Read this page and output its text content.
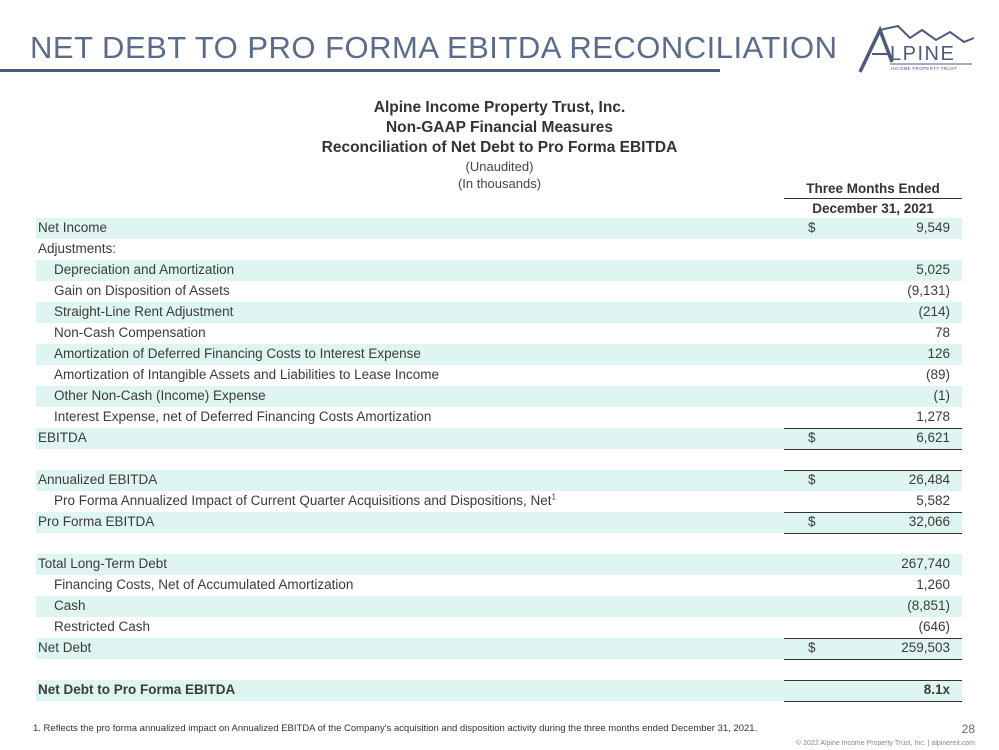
NET DEBT TO PRO FORMA EBITDA RECONCILIATION	LPINE
INCOME PROPERTY TRUST
Alpine Income Property Trust, Inc.
Non-GAAP Financial Measures
Reconciliation of Net Debt to Pro Forma EBITDA
(Unaudited)
(In thousands)	Three Months Ended
December 31, 2021
Net Income	$	9,549
Adjustments:
Depreciation and Amortization	5,025
Gain on Disposition of Assets	(9,131)
Straight-Line Rent Adjustment	(214)
Non-Cash Compensation	78
Amortization of Deferred Financing Costs to Interest Expense	126
Amortization of Intangible Assets and Liabilities to Lease Income	(89)
Other Non-Cash (Income) Expense	(1)
Interest Expense, net of Deferred Financing Costs Amortization	1,278
EBITDA	$	6,621
Annualized EBITDA	$	26,484
Pro Forma Annualized Impact of Current Quarter Acquisitions and Dispositions, Net$^1$	5,582
Pro Forma EBITDA	$	32,066
Total Long-Term Debt	267,740
Financing Costs, Net of Accumulated Amortization	1,260
Cash	(8,851)
Restricted Cash	(646)
Net Debt	$	259,503
Net Debt to Pro Forma EBITDA	8.1x
1. Reflects the pro forma annualized impact on Annualized EBITDA of the Company's acquisition and disposition activity during the three months ended December 31, 2021.	28
© 2022 Alpine Income Property Trust, Inc. | alpinereit.com
